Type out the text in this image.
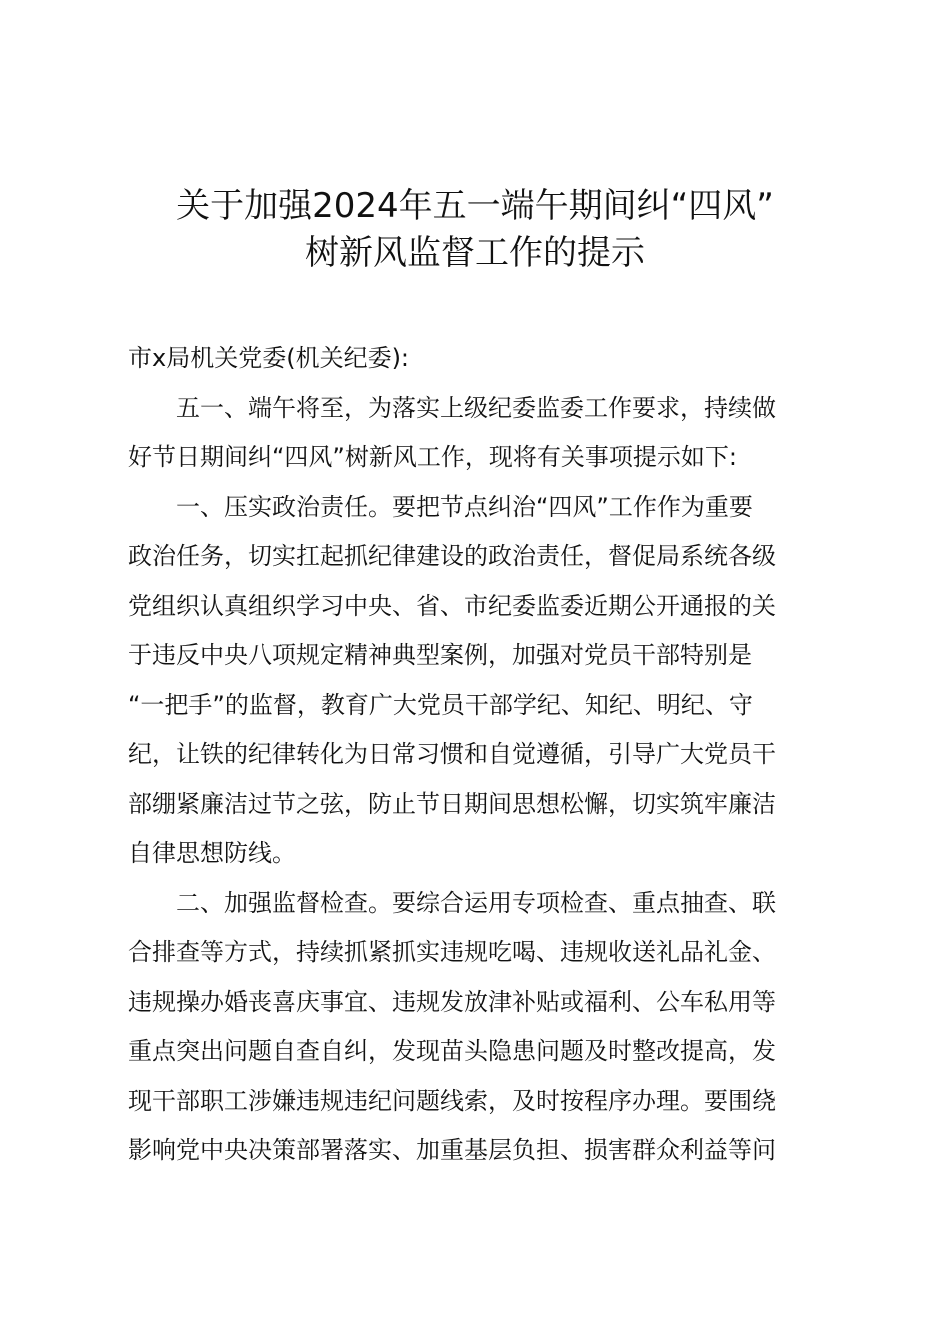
关于加强2024年五一端午期间纠“四风”
树新风监督工作的提示
市x局机关党委(机关纪委):
五一、端午将至，为落实上级纪委监委工作要求，持续做
好节日期间纠“四风”树新风工作，现将有关事项提示如下:
一、压实政治责任。要把节点纠治“四风”工作作为重要
政治任务，切实扛起抓纪律建设的政治责任，督促局系统各级
党组织认真组织学习中央、省、市纪委监委近期公开通报的关
于违反中央八项规定精神典型案例，加强对党员干部特别是
“一把手”的监督，教育广大党员干部学纪、知纪、明纪、守
纪，让铁的纪律转化为日常习惯和自觉遵循，引导广大党员干
部绷紧廉洁过节之弦，防止节日期间思想松懈，切实筑牢廉洁
自律思想防线。
二、加强监督检查。要综合运用专项检查、重点抽查、联
合排查等方式，持续抓紧抓实违规吃喝、违规收送礼品礼金、
违规操办婚丧喜庆事宜、违规发放津补贴或福利、公车私用等
重点突出问题自查自纠，发现苗头隐患问题及时整改提高，发
现干部职工涉嫌违规违纪问题线索，及时按程序办理。要围绕
影响党中央决策部署落实、加重基层负担、损害群众利益等问
